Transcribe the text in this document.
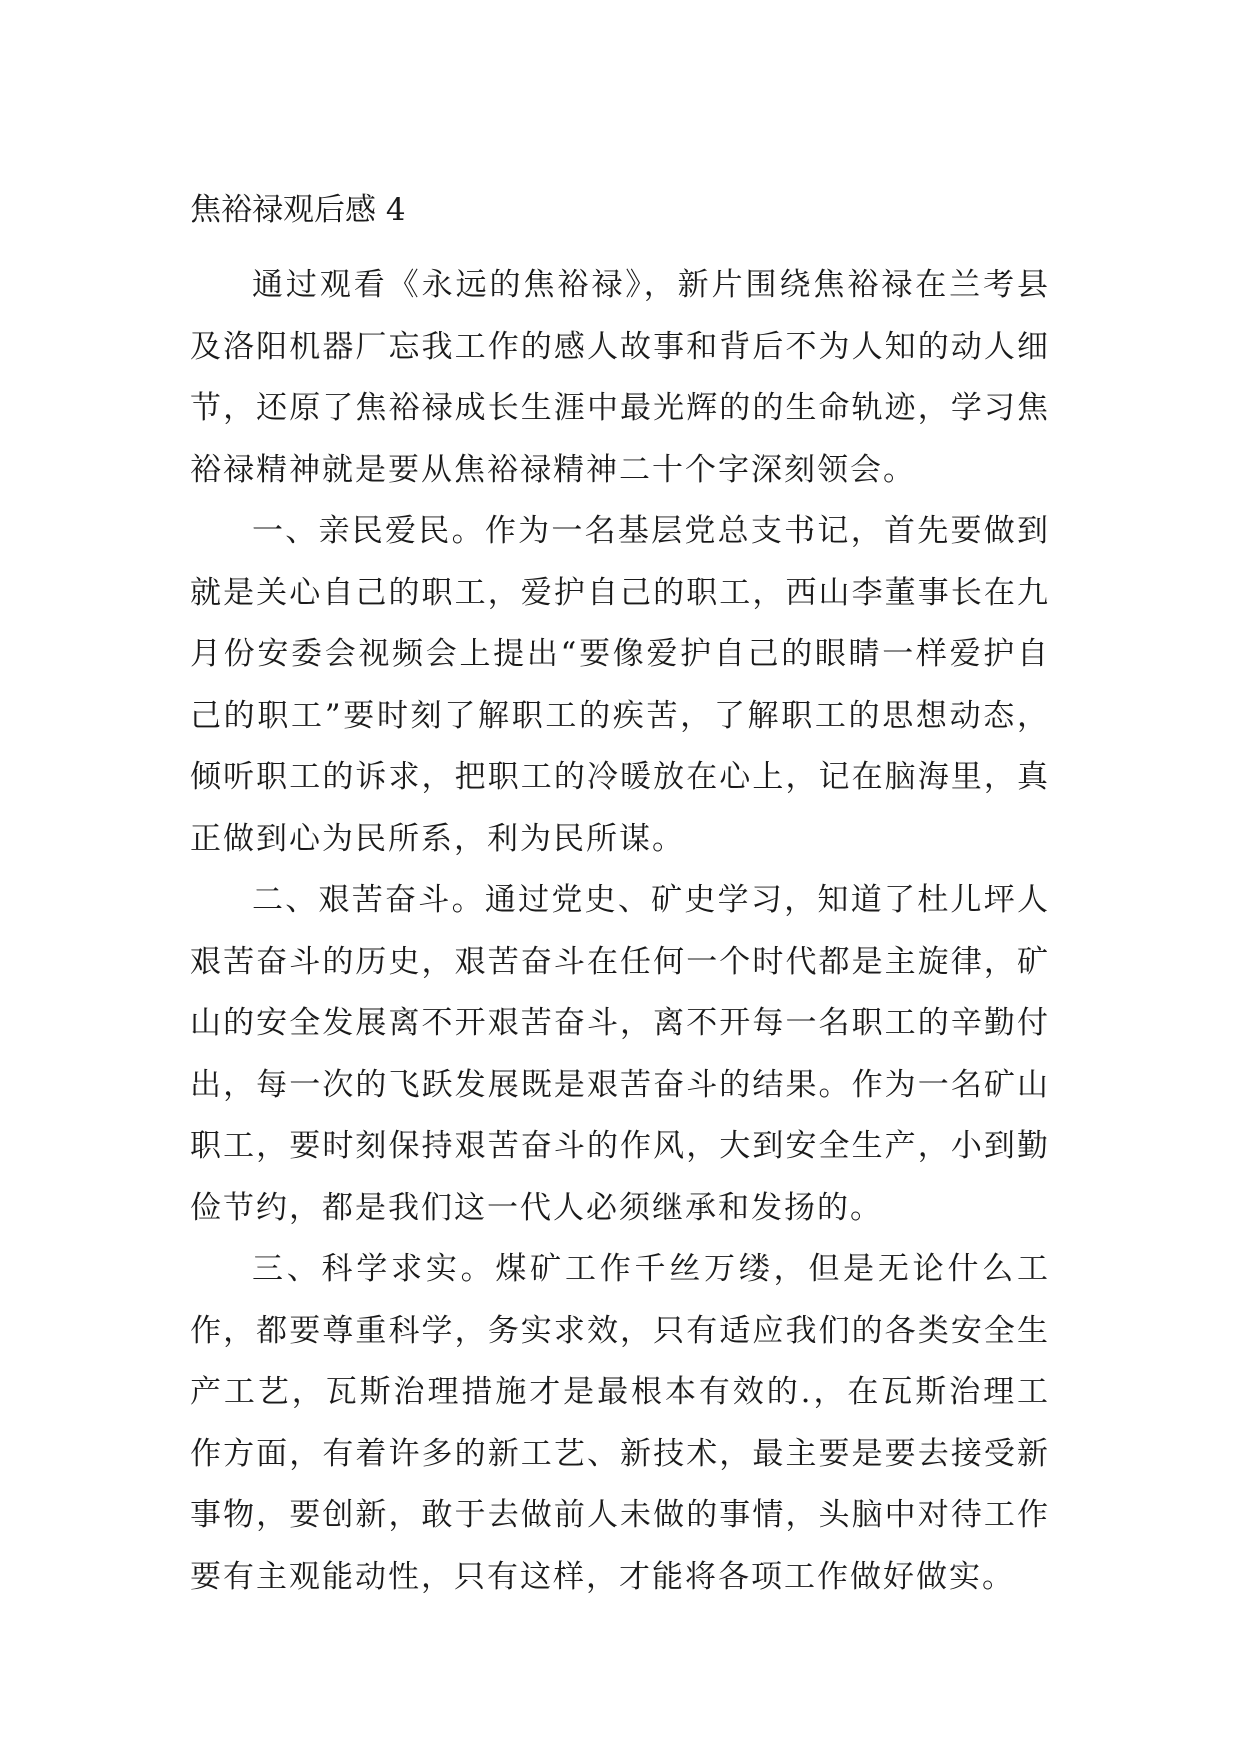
焦裕禄观后感 4

通过观看《永远的焦裕禄》，新片围绕焦裕禄在兰考县及洛阳机器厂忘我工作的感人故事和背后不为人知的动人细节，还原了焦裕禄成长生涯中最光辉的的生命轨迹，学习焦裕禄精神就是要从焦裕禄精神二十个字深刻领会。

一、亲民爱民。作为一名基层党总支书记，首先要做到就是关心自己的职工，爱护自己的职工，西山李董事长在九月份安委会视频会上提出“要像爱护自己的眼睛一样爱护自己的职工”要时刻了解职工的疾苦，了解职工的思想动态，倾听职工的诉求，把职工的冷暖放在心上，记在脑海里，真正做到心为民所系，利为民所谋。

二、艰苦奋斗。通过党史、矿史学习，知道了杜儿坪人艰苦奋斗的历史，艰苦奋斗在任何一个时代都是主旋律，矿山的安全发展离不开艰苦奋斗，离不开每一名职工的辛勤付出，每一次的飞跃发展既是艰苦奋斗的结果。作为一名矿山职工，要时刻保持艰苦奋斗的作风，大到安全生产，小到勤俭节约，都是我们这一代人必须继承和发扬的。

三、科学求实。煤矿工作千丝万缕，但是无论什么工作，都要尊重科学，务实求效，只有适应我们的各类安全生产工艺，瓦斯治理措施才是最根本有效的.，在瓦斯治理工作方面，有着许多的新工艺、新技术，最主要是要去接受新事物，要创新，敢于去做前人未做的事情，头脑中对待工作要有主观能动性，只有这样，才能将各项工作做好做实。
